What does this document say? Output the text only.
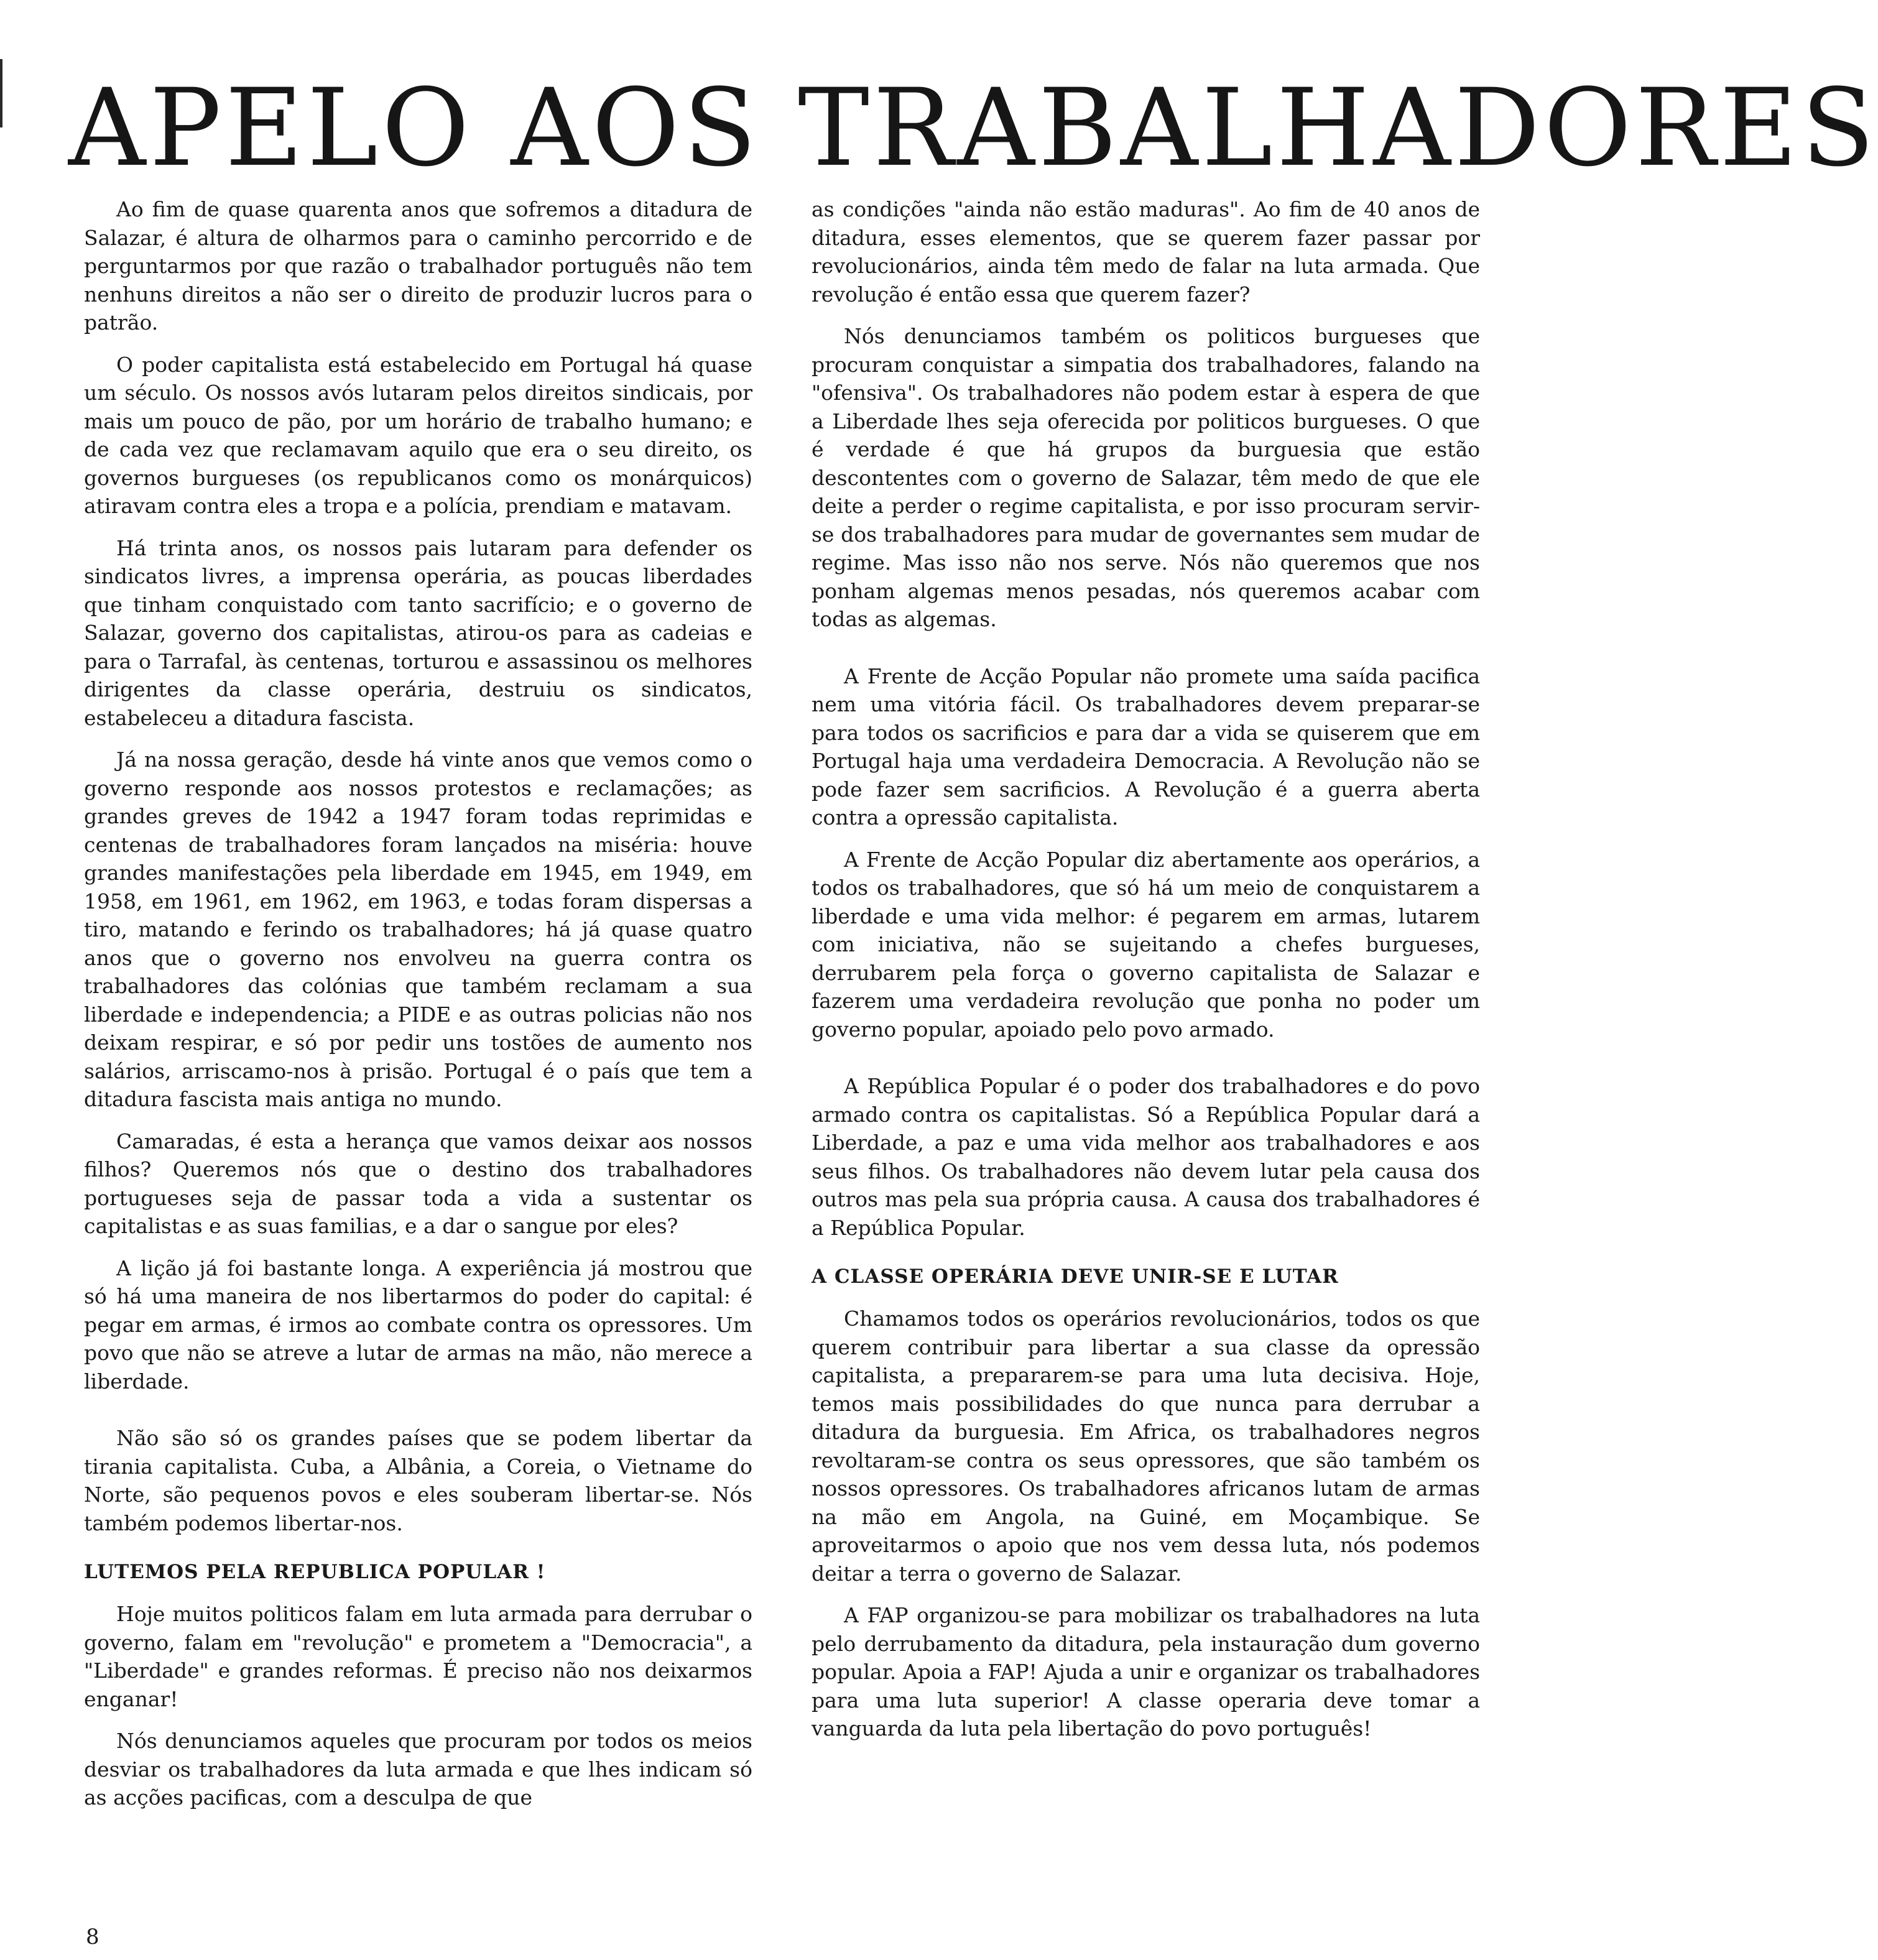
APELO AOS TRABALHADORES

Ao fim de quase quarenta anos que sofremos a ditadura de Salazar, é altura de olharmos para o caminho percorrido e de perguntarmos por que razão o trabalhador português não tem nenhuns direitos a não ser o direito de produzir lucros para o patrão.

O poder capitalista está estabelecido em Portugal há quase um século. Os nossos avós lutaram pelos direitos sindicais, por mais um pouco de pão, por um horário de trabalho humano; e de cada vez que reclamavam aquilo que era o seu direito, os governos burgueses (os republicanos como os monárquicos) atiravam contra eles a tropa e a polícia, prendiam e matavam.

Há trinta anos, os nossos pais lutaram para defender os sindicatos livres, a imprensa operária, as poucas liberdades que tinham conquistado com tanto sacrifício; e o governo de Salazar, governo dos capitalistas, atirou-os para as cadeias e para o Tarrafal, às centenas, torturou e assassinou os melhores dirigentes da classe operária, destruiu os sindicatos, estabeleceu a ditadura fascista.

Já na nossa geração, desde há vinte anos que vemos como o governo responde aos nossos protestos e reclamações; as grandes greves de 1942 a 1947 foram todas reprimidas e centenas de trabalhadores foram lançados na miséria: houve grandes manifestações pela liberdade em 1945, em 1949, em 1958, em 1961, em 1962, em 1963, e todas foram dispersas a tiro, matando e ferindo os trabalhadores; há já quase quatro anos que o governo nos envolveu na guerra contra os trabalhadores das colónias que também reclamam a sua liberdade e independencia; a PIDE e as outras policias não nos deixam respirar, e só por pedir uns tostões de aumento nos salários, arriscamo-nos à prisão. Portugal é o país que tem a ditadura fascista mais antiga no mundo.

Camaradas, é esta a herança que vamos deixar aos nossos filhos? Queremos nós que o destino dos trabalhadores portugueses seja de passar toda a vida a sustentar os capitalistas e as suas familias, e a dar o sangue por eles?

A lição já foi bastante longa. A experiência já mostrou que só há uma maneira de nos libertarmos do poder do capital: é pegar em armas, é irmos ao combate contra os opressores. Um povo que não se atreve a lutar de armas na mão, não merece a liberdade.

Não são só os grandes países que se podem libertar da tirania capitalista. Cuba, a Albânia, a Coreia, o Vietname do Norte, são pequenos povos e eles souberam libertar-se. Nós também podemos libertar-nos.

LUTEMOS PELA REPUBLICA POPULAR !

Hoje muitos politicos falam em luta armada para derrubar o governo, falam em "revolução" e prometem a "Democracia", a "Liberdade" e grandes reformas. É preciso não nos deixarmos enganar!

Nós denunciamos aqueles que procuram por todos os meios desviar os trabalhadores da luta armada e que lhes indicam só as acções pacificas, com a desculpa de que

as condições "ainda não estão maduras". Ao fim de 40 anos de ditadura, esses elementos, que se querem fazer passar por revolucionários, ainda têm medo de falar na luta armada. Que revolução é então essa que querem fazer?

Nós denunciamos também os politicos burgueses que procuram conquistar a simpatia dos trabalhadores, falando na "ofensiva". Os trabalhadores não podem estar à espera de que a Liberdade lhes seja oferecida por politicos burgueses. O que é verdade é que há grupos da burguesia que estão descontentes com o governo de Salazar, têm medo de que ele deite a perder o regime capitalista, e por isso procuram servir-se dos trabalhadores para mudar de governantes sem mudar de regime. Mas isso não nos serve. Nós não queremos que nos ponham algemas menos pesadas, nós queremos acabar com todas as algemas.

A Frente de Acção Popular não promete uma saída pacifica nem uma vitória fácil. Os trabalhadores devem preparar-se para todos os sacrificios e para dar a vida se quiserem que em Portugal haja uma verdadeira Democracia. A Revolução não se pode fazer sem sacrificios. A Revolução é a guerra aberta contra a opressão capitalista.

A Frente de Acção Popular diz abertamente aos operários, a todos os trabalhadores, que só há um meio de conquistarem a liberdade e uma vida melhor: é pegarem em armas, lutarem com iniciativa, não se sujeitando a chefes burgueses, derrubarem pela força o governo capitalista de Salazar e fazerem uma verdadeira revolução que ponha no poder um governo popular, apoiado pelo povo armado.

A República Popular é o poder dos trabalhadores e do povo armado contra os capitalistas. Só a República Popular dará a Liberdade, a paz e uma vida melhor aos trabalhadores e aos seus filhos. Os trabalhadores não devem lutar pela causa dos outros mas pela sua própria causa. A causa dos trabalhadores é a República Popular.

A CLASSE OPERÁRIA DEVE UNIR-SE E LUTAR

Chamamos todos os operários revolucionários, todos os que querem contribuir para libertar a sua classe da opressão capitalista, a prepararem-se para uma luta decisiva. Hoje, temos mais possibilidades do que nunca para derrubar a ditadura da burguesia. Em Africa, os trabalhadores negros revoltaram-se contra os seus opressores, que são também os nossos opressores. Os trabalhadores africanos lutam de armas na mão em Angola, na Guiné, em Moçambique. Se aproveitarmos o apoio que nos vem dessa luta, nós podemos deitar a terra o governo de Salazar.

A FAP organizou-se para mobilizar os trabalhadores na luta pelo derrubamento da ditadura, pela instauração dum governo popular. Apoia a FAP! Ajuda a unir e organizar os trabalhadores para uma luta superior! A classe operaria deve tomar a vanguarda da luta pela libertação do povo português!

8
